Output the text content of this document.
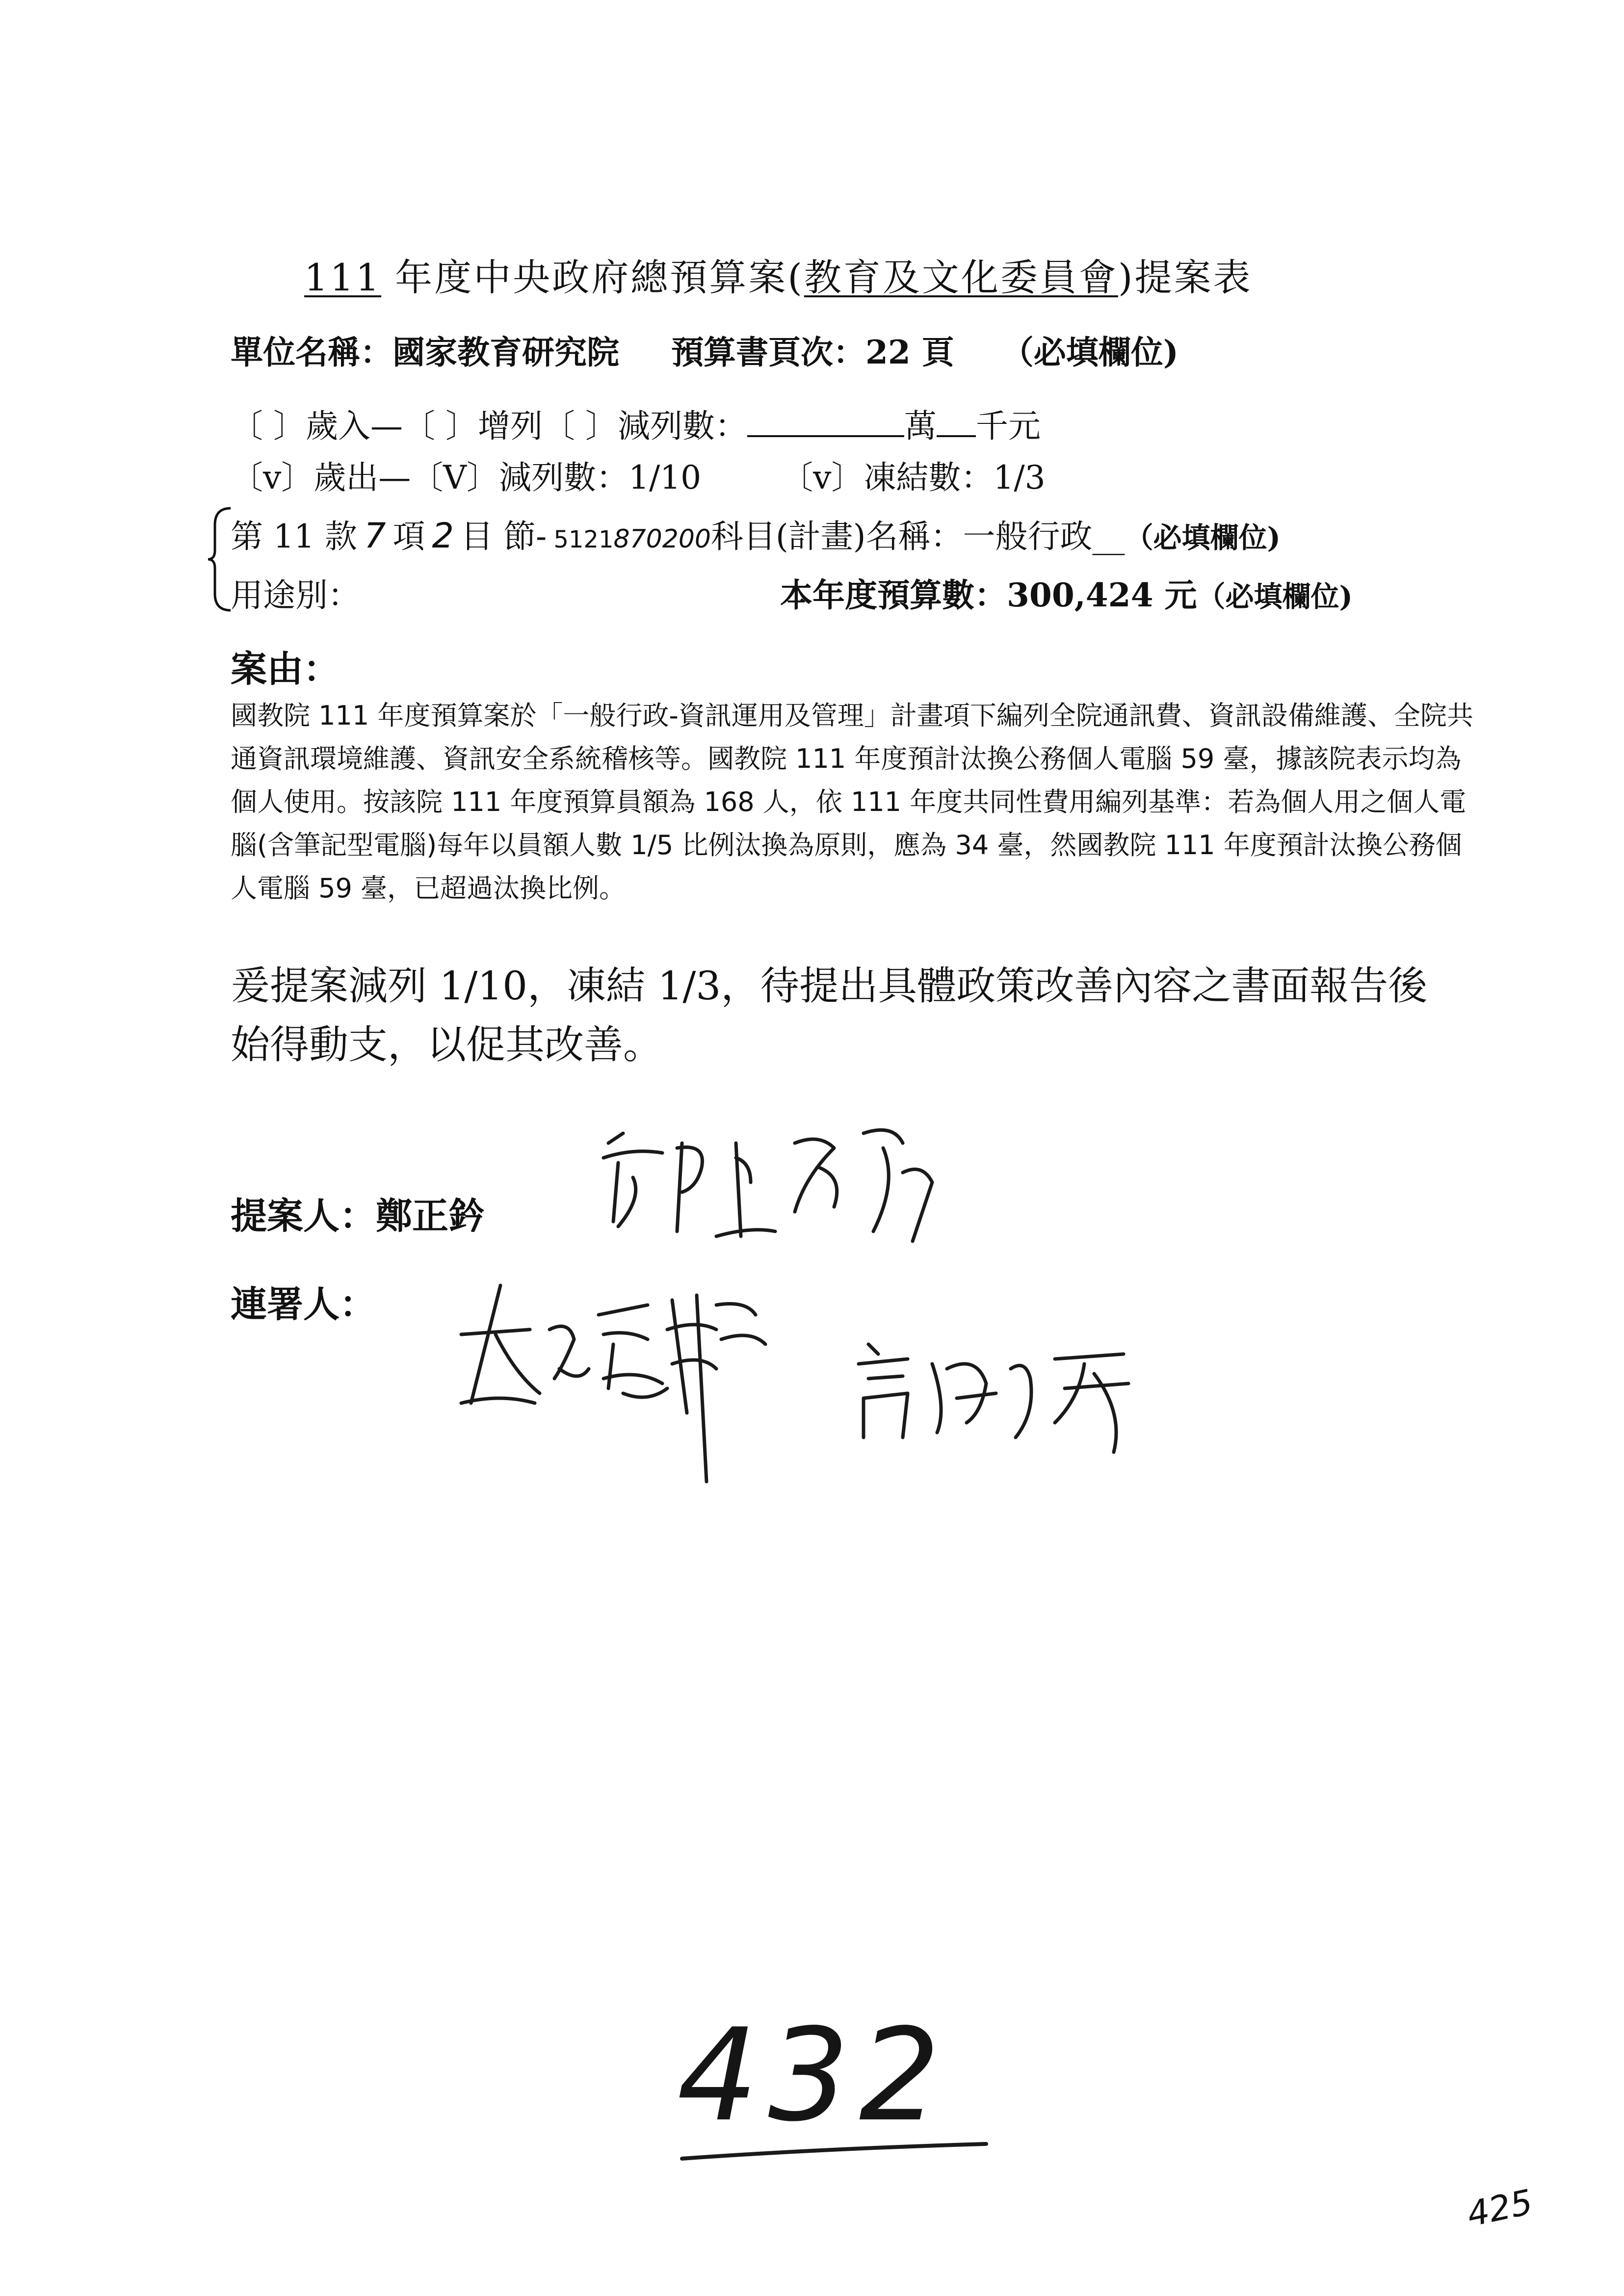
111 年度中央政府總預算案(教育及文化委員會)提案表
單位名稱：國家教育研究院 預算書頁次：22 頁 （必填欄位)
〔 〕歲入—〔 〕增列〔 〕減列數：	萬 千元
〔v〕歲出—〔V〕減列數：1/10 〔v〕凍結數：1/3
第 11 款 7 項 2 目 節- 5121870200科目(計畫)名稱：一般行政__（必填欄位)
用途別：	本年度預算數：300,424 元（必填欄位)
案由：
國教院 111 年度預算案於「一般行政-資訊運用及管理」計畫項下編列全院通訊費、資訊設備維護、全院共通資訊環境維護、資訊安全系統稽核等。國教院 111 年度預計汰換公務個人電腦 59 臺，據該院表示均為個人使用。按該院 111 年度預算員額為 168 人，依 111 年度共同性費用編列基準：若為個人用之個人電腦(含筆記型電腦)每年以員額人數 1/5 比例汰換為原則，應為 34 臺，然國教院 111 年度預計汰換公務個人電腦 59 臺，已超過汰換比例。
爰提案減列 1/10，凍結 1/3，待提出具體政策改善內容之書面報告後始得動支，以促其改善。
提案人：鄭正鈐
連署人：
432
425
